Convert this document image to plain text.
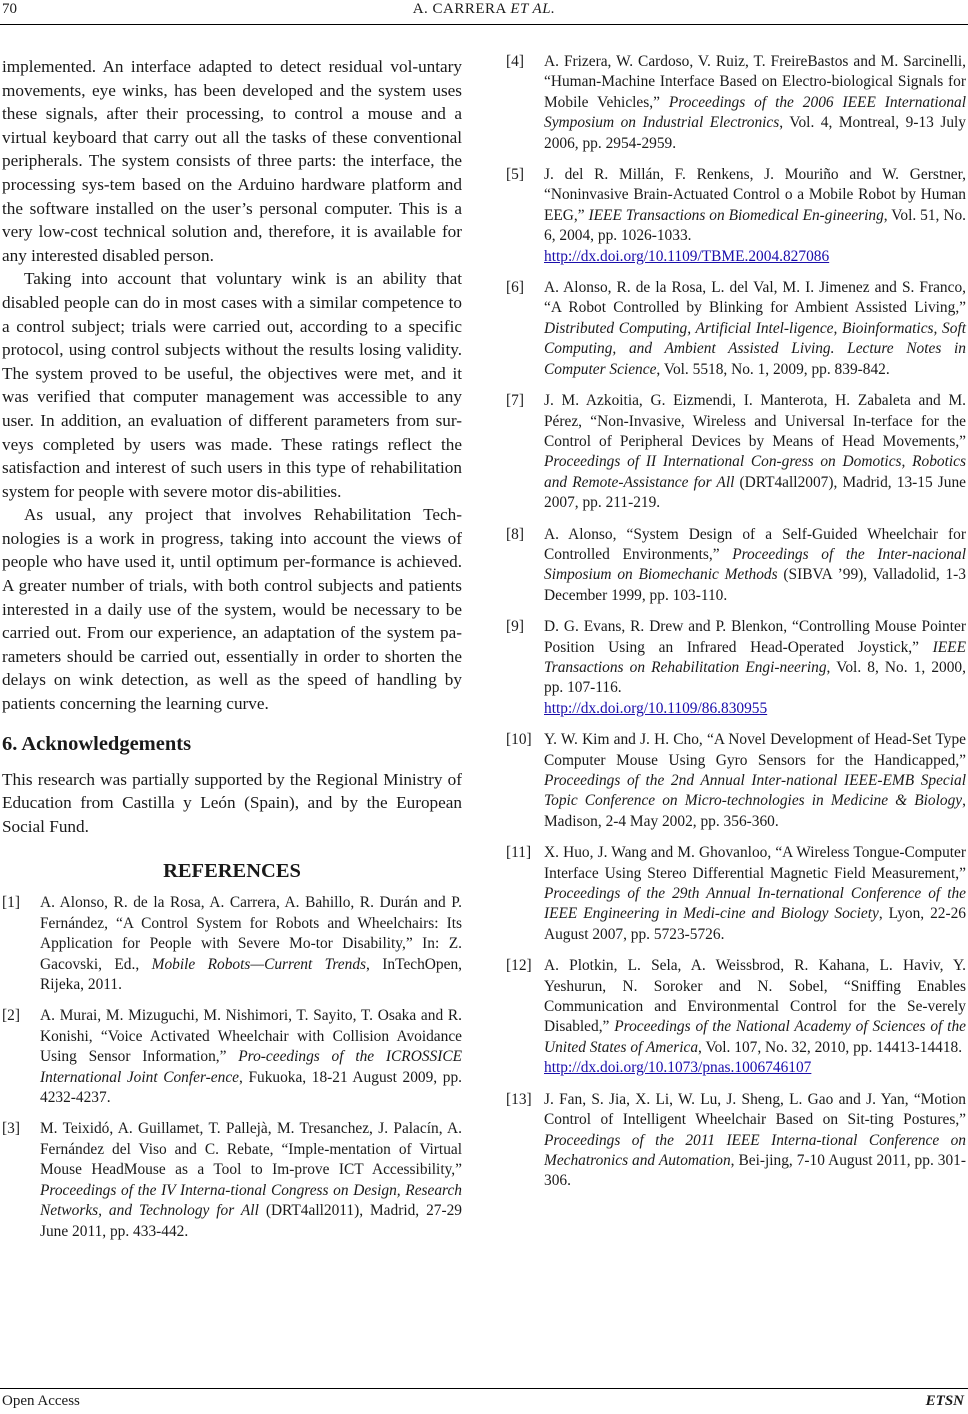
70	A. CARRERA ET AL.

implemented. An interface adapted to detect residual vol-untary movements, eye winks, has been developed and the system uses these signals, after their processing, to control a mouse and a virtual keyboard that carry out all the tasks of these conventional peripherals. The system consists of three parts: the interface, the processing sys-tem based on the Arduino hardware platform and the software installed on the user’s personal computer. This is a very low-cost technical solution and, therefore, it is available for any interested disabled person.

Taking into account that voluntary wink is an ability that disabled people can do in most cases with a similar competence to a control subject; trials were carried out, according to a specific protocol, using control subjects without the results losing validity. The system proved to be useful, the objectives were met, and it was verified that computer management was accessible to any user. In addition, an evaluation of different parameters from sur-veys completed by users was made. These ratings reflect the satisfaction and interest of such users in this type of rehabilitation system for people with severe motor dis-abilities.

As usual, any project that involves Rehabilitation Tech-nologies is a work in progress, taking into account the views of people who have used it, until optimum per-formance is achieved. A greater number of trials, with both control subjects and patients interested in a daily use of the system, would be necessary to be carried out. From our experience, an adaptation of the system pa-rameters should be carried out, essentially in order to shorten the delays on wink detection, as well as the speed of handling by patients concerning the learning curve.

6. Acknowledgements

This research was partially supported by the Regional Ministry of Education from Castilla y León (Spain), and by the European Social Fund.

REFERENCES
[1]	A. Alonso, R. de la Rosa, A. Carrera, A. Bahillo, R. Durán and P. Fernández, “A Control System for Robots and Wheelchairs: Its Application for People with Severe Mo-tor Disability,” In: Z. Gacovski, Ed., Mobile Robots—Current Trends, InTechOpen, Rijeka, 2011.
[2]	A. Murai, M. Mizuguchi, M. Nishimori, T. Sayito, T. Osaka and R. Konishi, “Voice Activated Wheelchair with Collision Avoidance Using Sensor Information,” Pro-ceedings of the ICROSSICE International Joint Confer-ence, Fukuoka, 18-21 August 2009, pp. 4232-4237.
[3]	M. Teixidó, A. Guillamet, T. Pallejà, M. Tresanchez, J. Palacín, A. Fernández del Viso and C. Rebate, “Imple-mentation of Virtual Mouse HeadMouse as a Tool to Im-prove ICT Accessibility,” Proceedings of the IV Interna-tional Congress on Design, Research Networks, and Technology for All (DRT4all2011), Madrid, 27-29 June 2011, pp. 433-442.
[4]	A. Frizera, W. Cardoso, V. Ruiz, T. FreireBastos and M. Sarcinelli, “Human-Machine Interface Based on Electro-biological Signals for Mobile Vehicles,” Proceedings of the 2006 IEEE International Symposium on Industrial Electronics, Vol. 4, Montreal, 9-13 July 2006, pp. 2954-2959.
[5]	J. del R. Millán, F. Renkens, J. Mouriño and W. Gerstner, “Noninvasive Brain-Actuated Control o a Mobile Robot by Human EEG,” IEEE Transactions on Biomedical En-gineering, Vol. 51, No. 6, 2004, pp. 1026-1033.
http://dx.doi.org/10.1109/TBME.2004.827086
[6]	A. Alonso, R. de la Rosa, L. del Val, M. I. Jimenez and S. Franco, “A Robot Controlled by Blinking for Ambient Assisted Living,” Distributed Computing, Artificial Intel-ligence, Bioinformatics, Soft Computing, and Ambient Assisted Living. Lecture Notes in Computer Science, Vol. 5518, No. 1, 2009, pp. 839-842.
[7]	J. M. Azkoitia, G. Eizmendi, I. Manterota, H. Zabaleta and M. Pérez, “Non-Invasive, Wireless and Universal In-terface for the Control of Peripheral Devices by Means of Head Movements,” Proceedings of II International Con-gress on Domotics, Robotics and Remote-Assistance for All (DRT4all2007), Madrid, 13-15 June 2007, pp. 211-219.
[8]	A. Alonso, “System Design of a Self-Guided Wheelchair for Controlled Environments,” Proceedings of the Inter-nacional Simposium on Biomechanic Methods (SIBVA ’99), Valladolid, 1-3 December 1999, pp. 103-110.
[9]	D. G. Evans, R. Drew and P. Blenkon, “Controlling Mouse Pointer Position Using an Infrared Head-Operated Joystick,” IEEE Transactions on Rehabilitation Engi-neering, Vol. 8, No. 1, 2000, pp. 107-116.
http://dx.doi.org/10.1109/86.830955
[10] Y. W. Kim and J. H. Cho, “A Novel Development of Head-Set Type Computer Mouse Using Gyro Sensors for the Handicapped,” Proceedings of the 2nd Annual Inter-national IEEE-EMB Special Topic Conference on Micro-technologies in Medicine & Biology, Madison, 2-4 May 2002, pp. 356-360.
[11] X. Huo, J. Wang and M. Ghovanloo, “A Wireless Tongue-Computer Interface Using Stereo Differential Magnetic Field Measurement,” Proceedings of the 29th Annual In-ternational Conference of the IEEE Engineering in Medi-cine and Biology Society, Lyon, 22-26 August 2007, pp. 5723-5726.
[12] A. Plotkin, L. Sela, A. Weissbrod, R. Kahana, L. Haviv, Y. Yeshurun, N. Soroker and N. Sobel, “Sniffing Enables Communication and Environmental Control for the Se-verely Disabled,” Proceedings of the National Academy of Sciences of the United States of America, Vol. 107, No. 32, 2010, pp. 14413-14418.
http://dx.doi.org/10.1073/pnas.1006746107
[13] J. Fan, S. Jia, X. Li, W. Lu, J. Sheng, L. Gao and J. Yan, “Motion Control of Intelligent Wheelchair Based on Sit-ting Postures,” Proceedings of the 2011 IEEE Interna-tional Conference on Mechatronics and Automation, Bei-jing, 7-10 August 2011, pp. 301-306.
Open Access	ETSN
